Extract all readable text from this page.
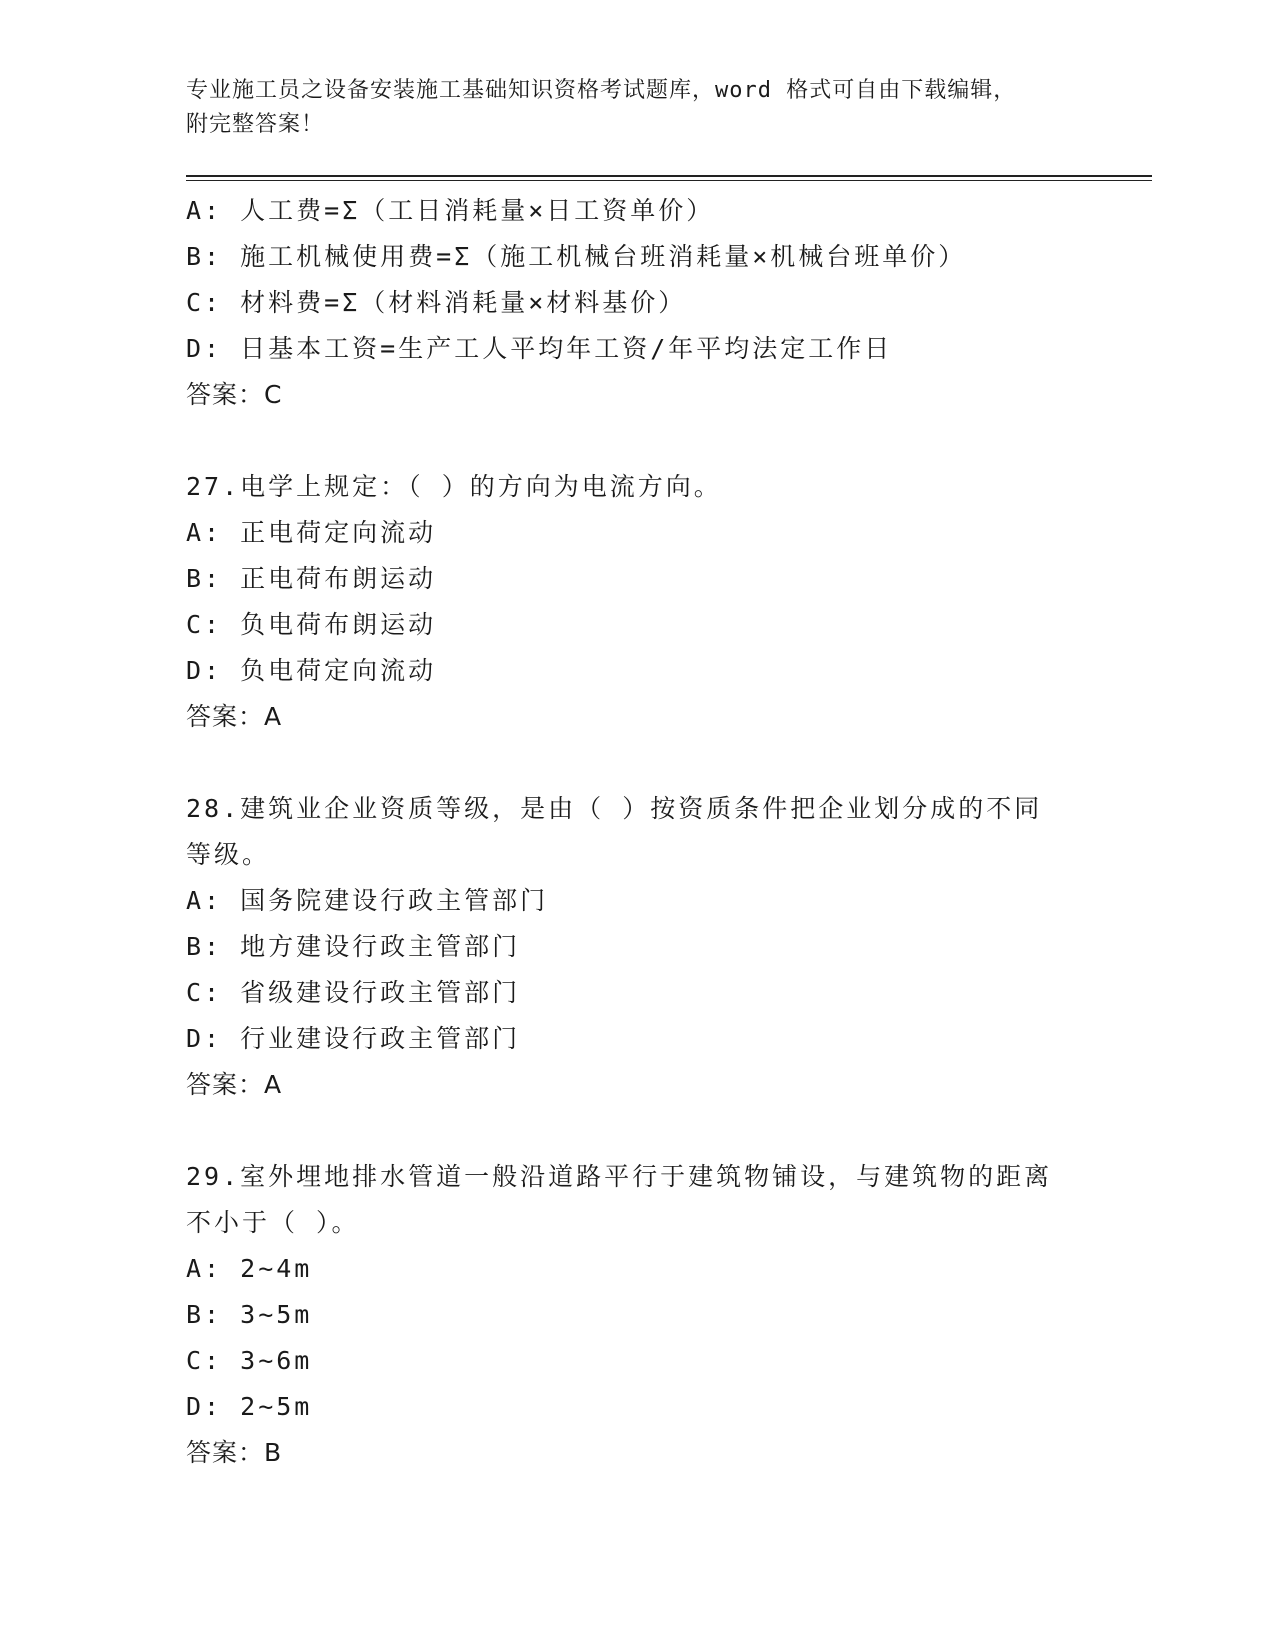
专业施工员之设备安装施工基础知识资格考试题库，word 格式可自由下载编辑，
附完整答案！
A: 人工费=Σ（工日消耗量×日工资单价）
B: 施工机械使用费=Σ（施工机械台班消耗量×机械台班单价）
C: 材料费=Σ（材料消耗量×材料基价）
D: 日基本工资=生产工人平均年工资/年平均法定工作日
答案：C
27.电学上规定：（ ）的方向为电流方向。
A: 正电荷定向流动
B: 正电荷布朗运动
C: 负电荷布朗运动
D: 负电荷定向流动
答案：A
28.建筑业企业资质等级，是由（ ）按资质条件把企业划分成的不同
等级。
A: 国务院建设行政主管部门
B: 地方建设行政主管部门
C: 省级建设行政主管部门
D: 行业建设行政主管部门
答案：A
29.室外埋地排水管道一般沿道路平行于建筑物铺设，与建筑物的距离
不小于（ ）。
A: 2~4m
B: 3~5m
C: 3~6m
D: 2~5m
答案：B
